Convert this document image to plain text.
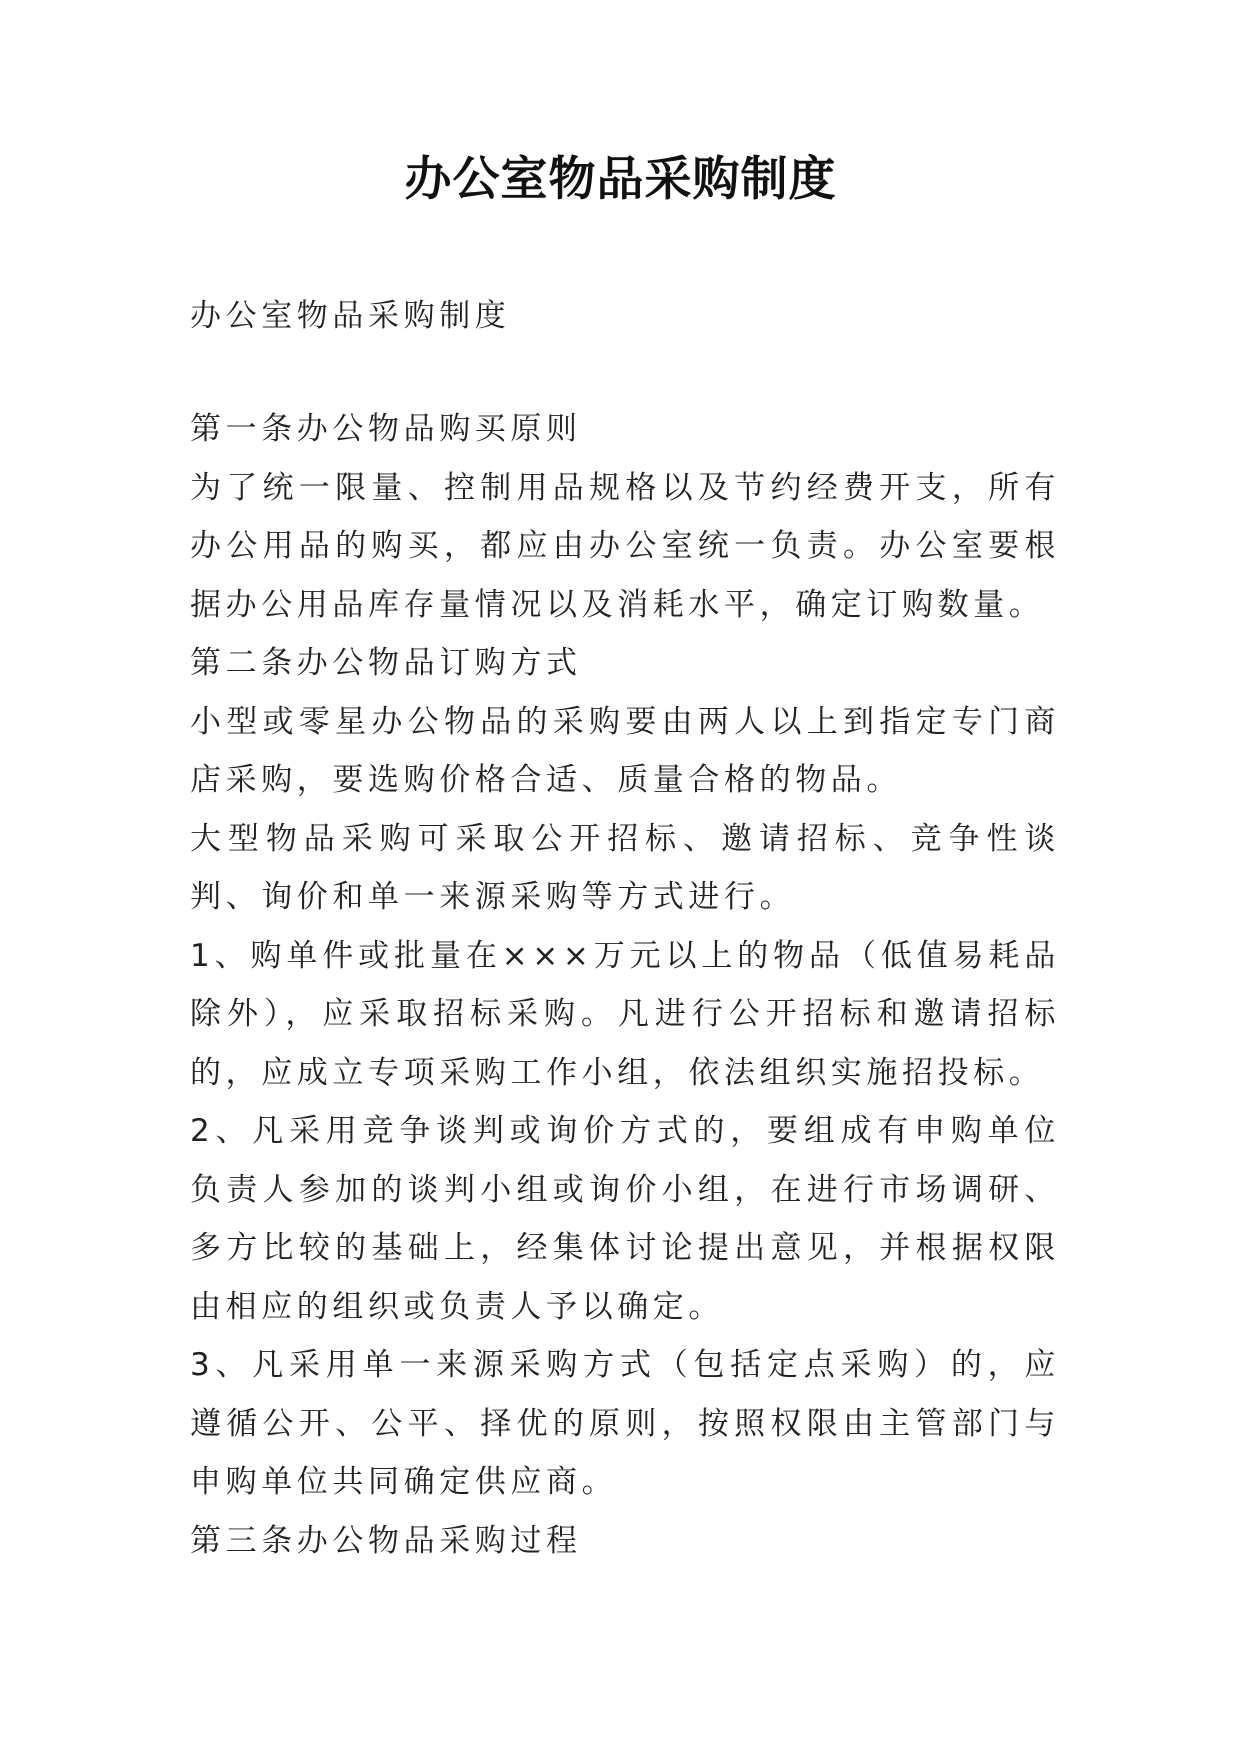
办公室物品采购制度

办公室物品采购制度

第一条办公物品购买原则

为了统一限量、控制用品规格以及节约经费开支，所有办公用品的购买，都应由办公室统一负责。办公室要根据办公用品库存量情况以及消耗水平，确定订购数量。

第二条办公物品订购方式

小型或零星办公物品的采购要由两人以上到指定专门商店采购，要选购价格合适、质量合格的物品。

大型物品采购可采取公开招标、邀请招标、竞争性谈判、询价和单一来源采购等方式进行。

1、购单件或批量在×××万元以上的物品（低值易耗品除外），应采取招标采购。凡进行公开招标和邀请招标的，应成立专项采购工作小组，依法组织实施招投标。

2、凡采用竞争谈判或询价方式的，要组成有申购单位负责人参加的谈判小组或询价小组，在进行市场调研、多方比较的基础上，经集体讨论提出意见，并根据权限由相应的组织或负责人予以确定。

3、凡采用单一来源采购方式（包括定点采购）的，应遵循公开、公平、择优的原则，按照权限由主管部门与申购单位共同确定供应商。

第三条办公物品采购过程
